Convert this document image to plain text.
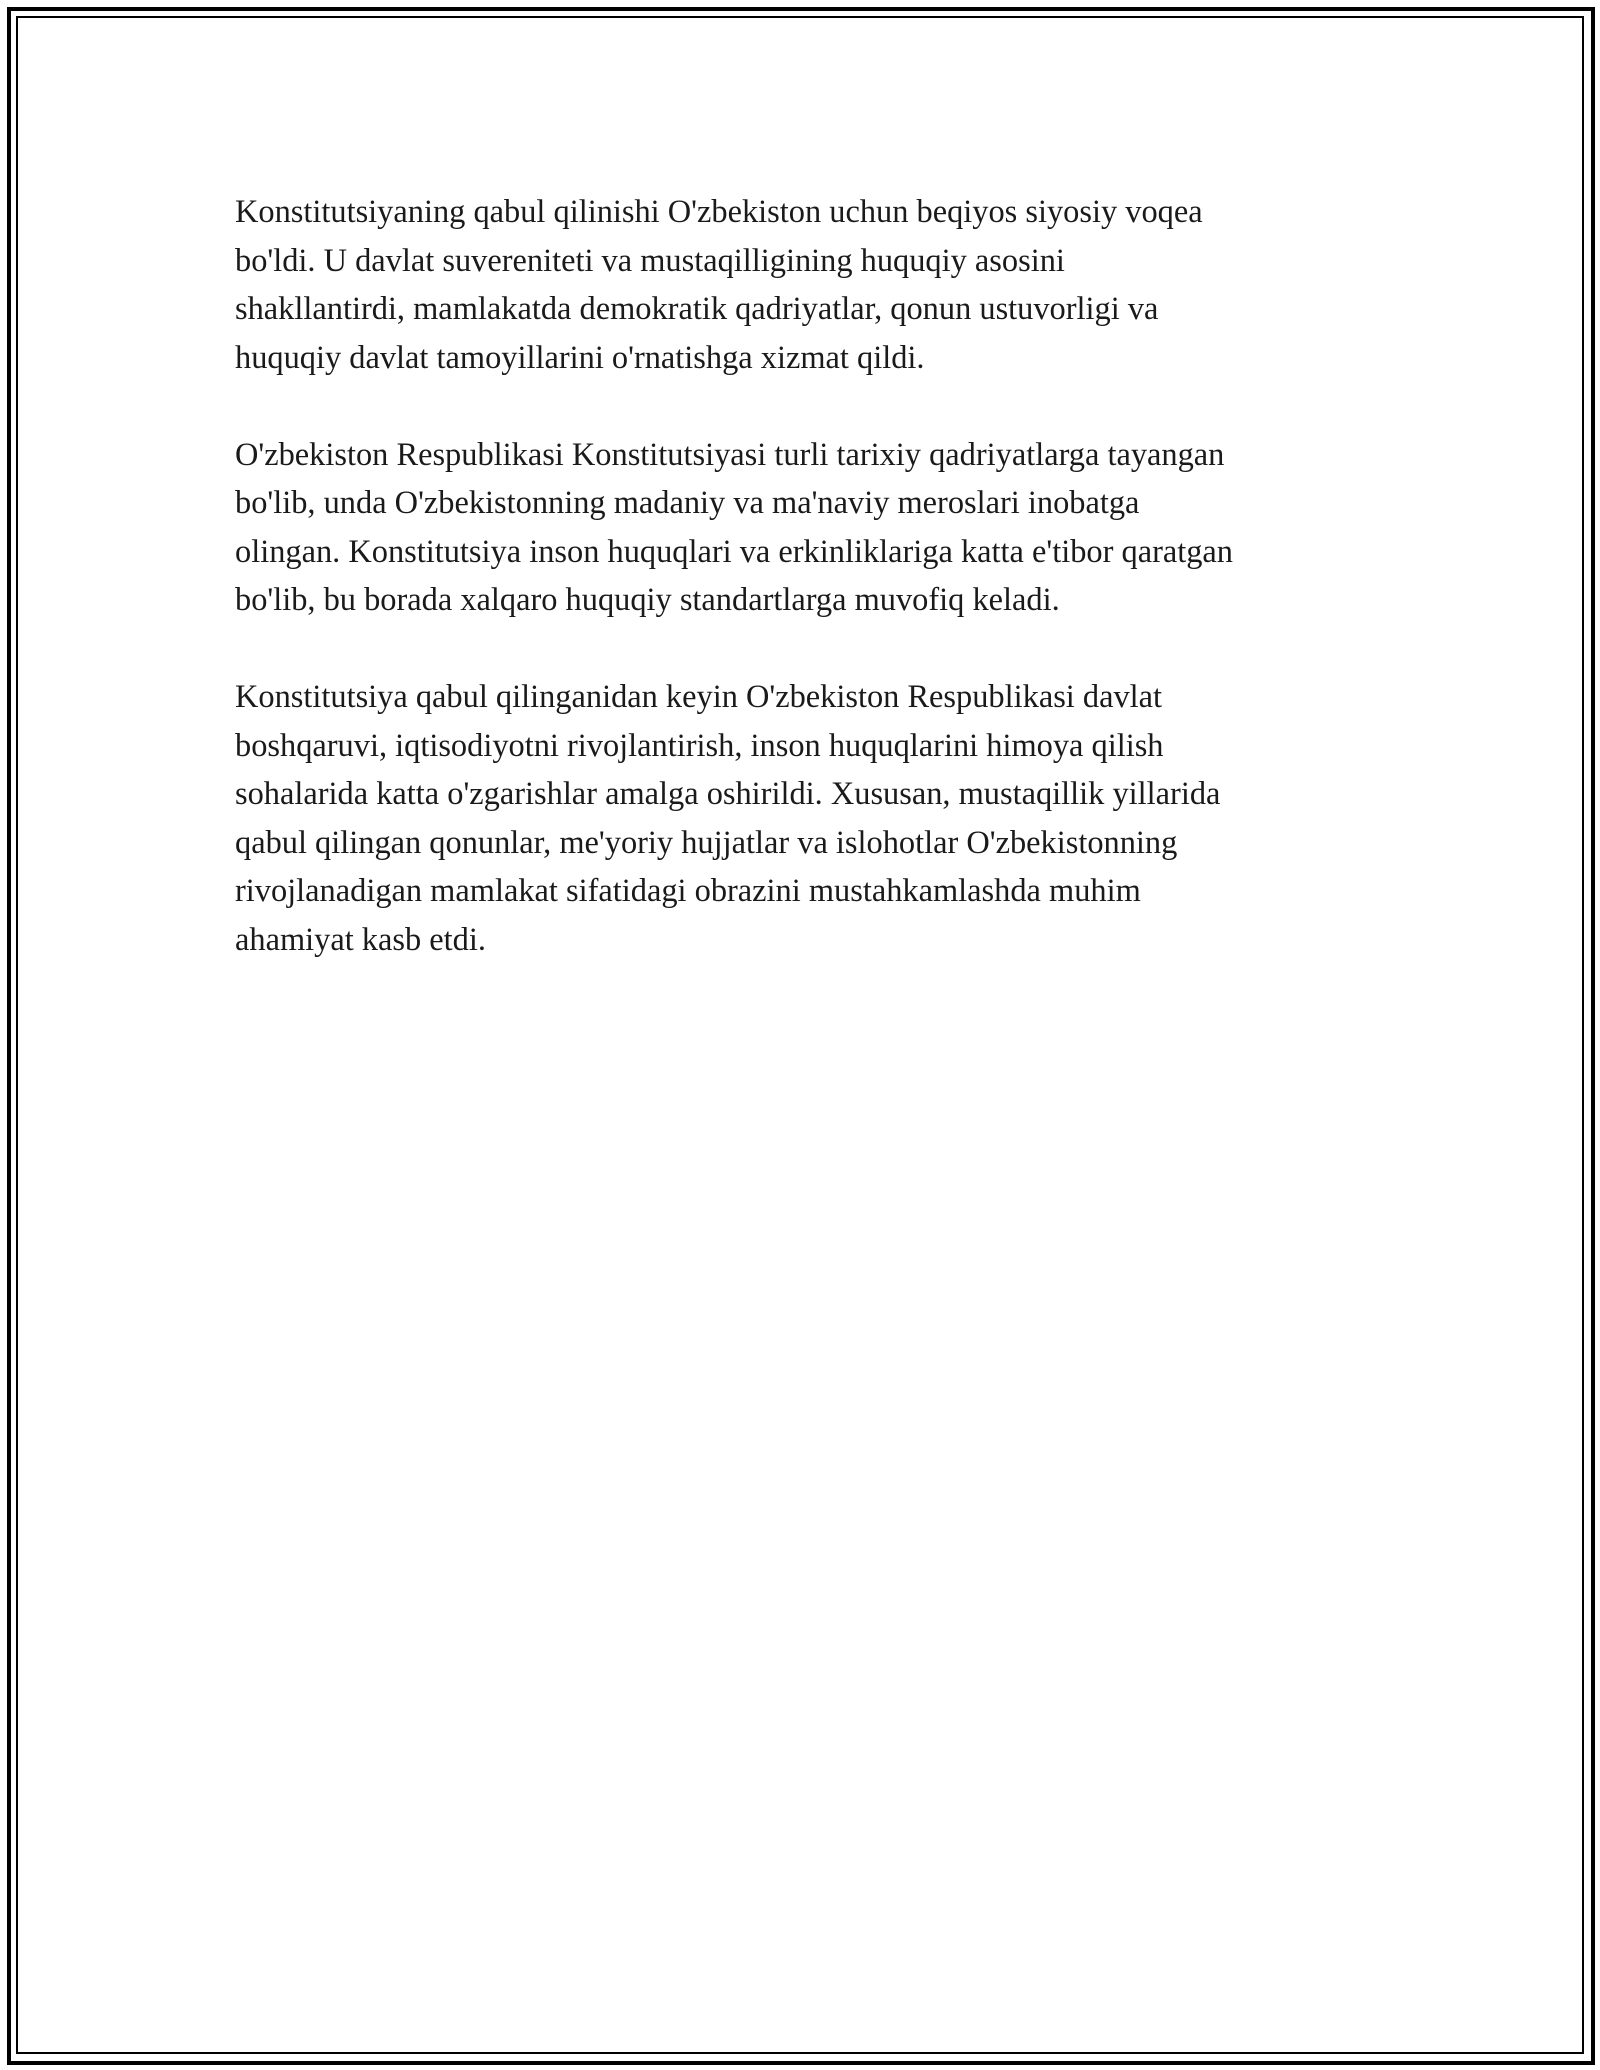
Konstitutsiyaning qabul qilinishi O'zbekiston uchun beqiyos siyosiy voqea
bo'ldi. U davlat suvereniteti va mustaqilligining huquqiy asosini
shakllantirdi, mamlakatda demokratik qadriyatlar, qonun ustuvorligi va
huquqiy davlat tamoyillarini o'rnatishga xizmat qildi.

O'zbekiston Respublikasi Konstitutsiyasi turli tarixiy qadriyatlarga tayangan
bo'lib, unda O'zbekistonning madaniy va ma'naviy meroslari inobatga
olingan. Konstitutsiya inson huquqlari va erkinliklariga katta e'tibor qaratgan
bo'lib, bu borada xalqaro huquqiy standartlarga muvofiq keladi.

Konstitutsiya qabul qilinganidan keyin O'zbekiston Respublikasi davlat
boshqaruvi, iqtisodiyotni rivojlantirish, inson huquqlarini himoya qilish
sohalarida katta o'zgarishlar amalga oshirildi. Xususan, mustaqillik yillarida
qabul qilingan qonunlar, me'yoriy hujjatlar va islohotlar O'zbekistonning
rivojlanadigan mamlakat sifatidagi obrazini mustahkamlashda muhim
ahamiyat kasb etdi.
